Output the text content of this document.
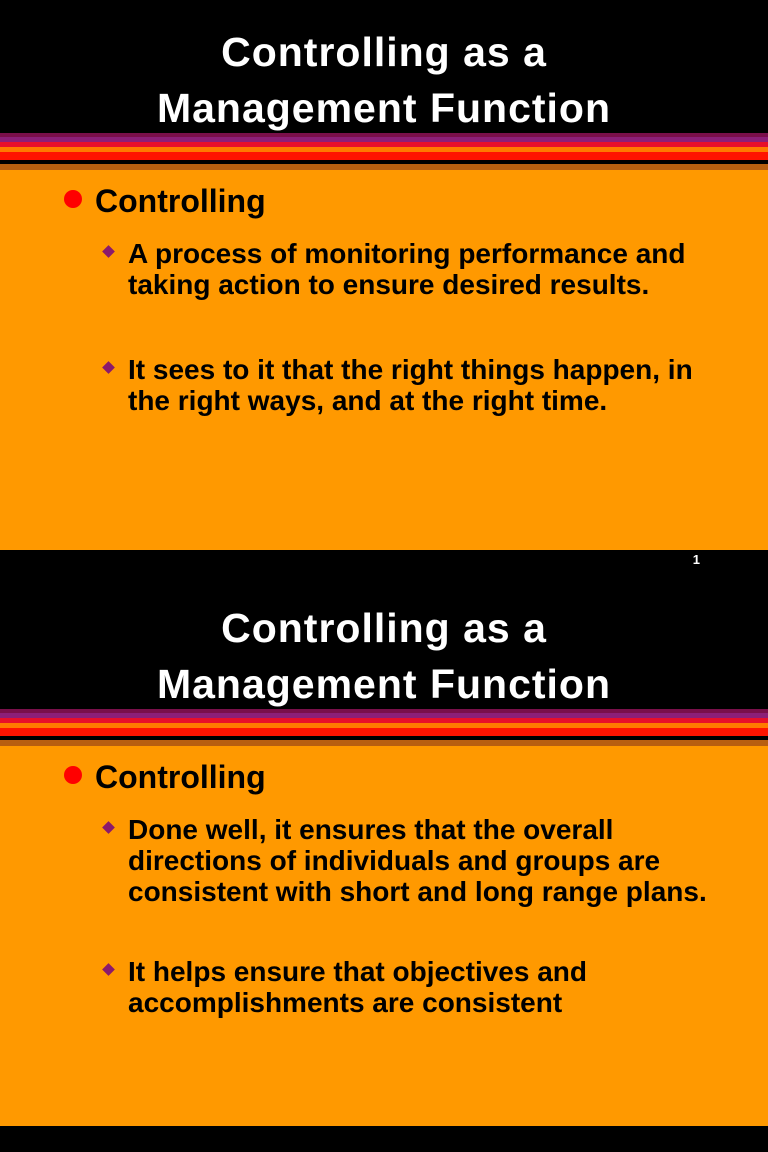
Controlling as a
Management Function
Controlling
A process of monitoring performance and taking action to ensure desired results.
It sees to it that the right things happen, in the right ways, and at the right time.
1
Controlling as a
Management Function
Controlling
Done well, it ensures that the overall directions of individuals and groups are consistent with short and long range plans.
It helps ensure that objectives and accomplishments are consistent
